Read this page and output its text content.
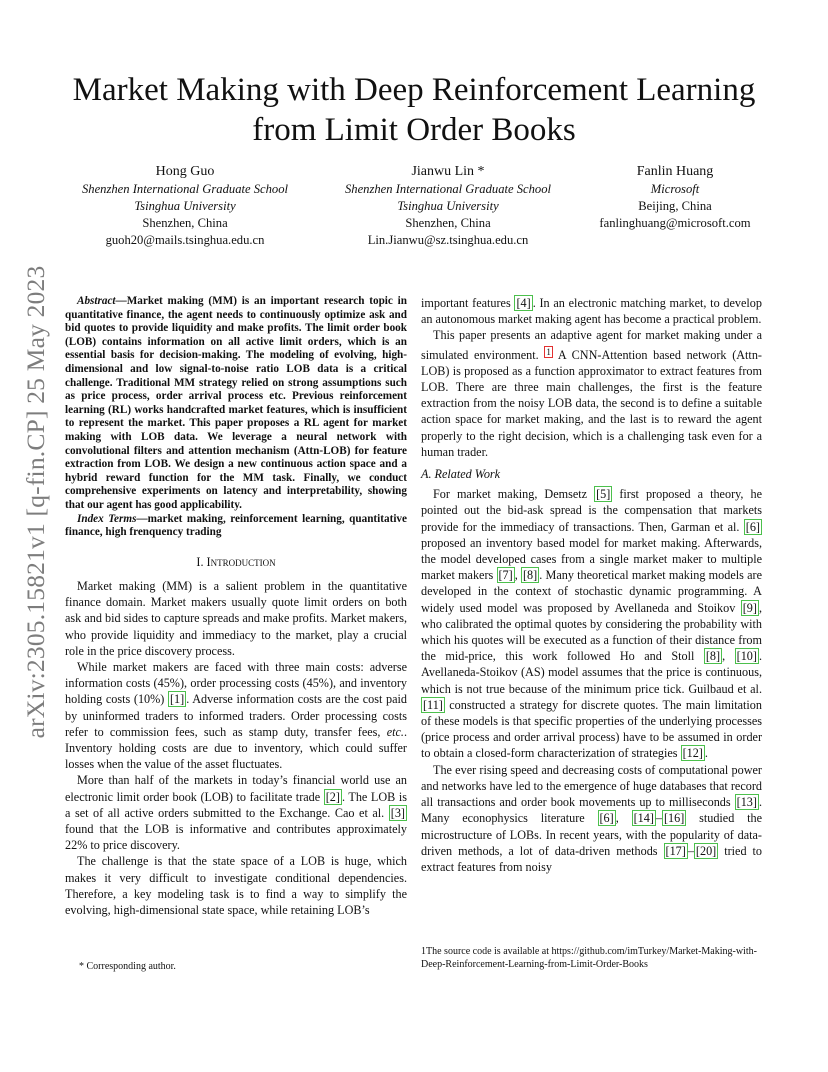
arXiv:2305.15821v1 [q-fin.CP] 25 May 2023
Market Making with Deep Reinforcement Learning
from Limit Order Books
Hong Guo
Shenzhen International Graduate School
Tsinghua University
Shenzhen, China
guoh20@mails.tsinghua.edu.cn
Jianwu Lin *
Shenzhen International Graduate School
Tsinghua University
Shenzhen, China
Lin.Jianwu@sz.tsinghua.edu.cn
Fanlin Huang
Microsoft
Beijing, China
fanlinghuang@microsoft.com

Abstract—Market making (MM) is an important research topic in quantitative finance, the agent needs to continuously optimize ask and bid quotes to provide liquidity and make profits. The limit order book (LOB) contains information on all active limit orders, which is an essential basis for decision-making. The modeling of evolving, high-dimensional and low signal-to-noise ratio LOB data is a critical challenge. Traditional MM strategy relied on strong assumptions such as price process, order arrival process etc. Previous reinforcement learning (RL) works handcrafted market features, which is insufficient to represent the market. This paper proposes a RL agent for market making with LOB data. We leverage a neural network with convolutional filters and attention mechanism (Attn-LOB) for feature extraction from LOB. We design a new continuous action space and a hybrid reward function for the MM task. Finally, we conduct comprehensive experiments on latency and interpretability, showing that our agent has good applicability.

Index Terms—market making, reinforcement learning, quantitative finance, high frenquency trading

I. Introduction

Market making (MM) is a salient problem in the quantitative finance domain. Market makers usually quote limit orders on both ask and bid sides to capture spreads and make profits. Market makers, who provide liquidity and immediacy to the market, play a crucial role in the price discovery process.

While market makers are faced with three main costs: adverse information costs (45%), order processing costs (45%), and inventory holding costs (10%) [1] . Adverse information costs are the cost paid by uninformed traders to informed traders. Order processing costs refer to commission fees, such as stamp duty, transfer fees, etc.. Inventory holding costs are due to inventory, which could suffer losses when the value of the asset fluctuates.

More than half of the markets in today’s financial world use an electronic limit order book (LOB) to facilitate trade [2] . The LOB is a set of all active orders submitted to the Exchange. Cao et al. [3] found that the LOB is informative and contributes approximately 22% to price discovery.

The challenge is that the state space of a LOB is huge, which makes it very difficult to investigate conditional dependencies. Therefore, a key modeling task is to find a way to simplify the evolving, high-dimensional state space, while retaining LOB’s

important features [4] . In an electronic matching market, to develop an autonomous market making agent has become a practical problem.

This paper presents an adaptive agent for market making under a simulated environment. $^1$ A CNN-Attention based network (Attn-LOB) is proposed as a function approximator to extract features from LOB. There are three main challenges, the first is the feature extraction from the noisy LOB data, the second is to define a suitable action space for market making, and the last is to reward the agent properly to the right decision, which is a challenging task even for a human trader.

A. Related Work

For market making, Demsetz [5] first proposed a theory, he pointed out the bid-ask spread is the compensation that markets provide for the immediacy of transactions. Then, Garman et al. [6] proposed an inventory based model for market making. Afterwards, the model developed cases from a single market maker to multiple market makers [7] , [8] . Many theoretical market making models are developed in the context of stochastic dynamic programming. A widely used model was proposed by Avellaneda and Stoikov [9] , who calibrated the optimal quotes by considering the probability with which his quotes will be executed as a function of their distance from the mid-price, this work followed Ho and Stoll [8] , [10] . Avellaneda-Stoikov (AS) model assumes that the price is continuous, which is not true because of the minimum price tick. Guilbaud et al. [11] constructed a strategy for discrete quotes. The main limitation of these models is that specific properties of the underlying processes (price process and order arrival process) have to be assumed in order to obtain a closed-form characterization of strategies [12] .

The ever rising speed and decreasing costs of computational power and networks have led to the emergence of huge databases that record all transactions and order book movements up to milliseconds [13] . Many econophysics literature [6] , [14] – [16] studied the microstructure of LOBs. In recent years, with the popularity of data-driven methods, a lot of data-driven methods [17] – [20] tried to extract features from noisy

* Corresponding author.
1The source code is available at https://github.com/imTurkey/Market-Making-with-Deep-Reinforcement-Learning-from-Limit-Order-Books
